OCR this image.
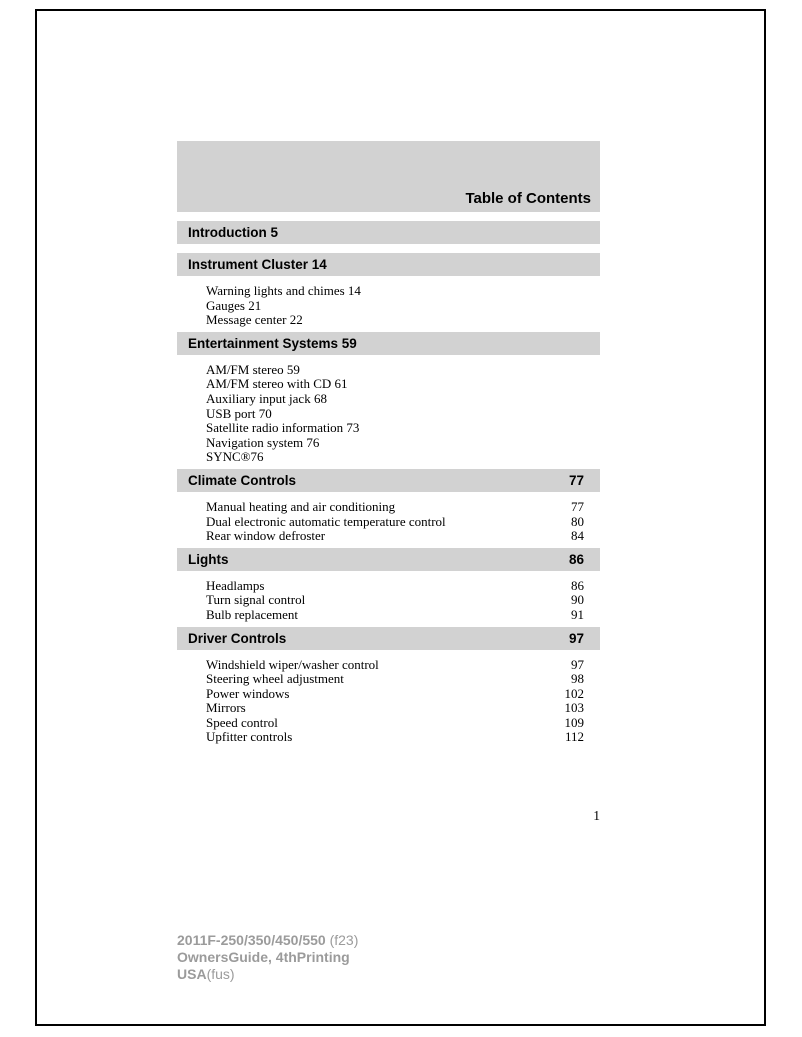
Table of Contents
Introduction 5
Instrument Cluster 14
Warning lights and chimes 14
Gauges 21
Message center 22
Entertainment Systems 59
AM/FM stereo 59
AM/FM stereo with CD 61
Auxiliary input jack 68
USB port 70
Satellite radio information 73
Navigation system 76
SYNC®76
Climate Controls	77
Manual heating and air conditioning	77
Dual electronic automatic temperature control	80
Rear window defroster	84
Lights	86
Headlamps	86
Turn signal control	90
Bulb replacement	91
Driver Controls	97
Windshield wiper/washer control	97
Steering wheel adjustment	98
Power windows	102
Mirrors	103
Speed control	109
Upfitter controls	112
1
2011F-250/350/450/550 (f23)
OwnersGuide, 4thPrinting
USA(fus)
